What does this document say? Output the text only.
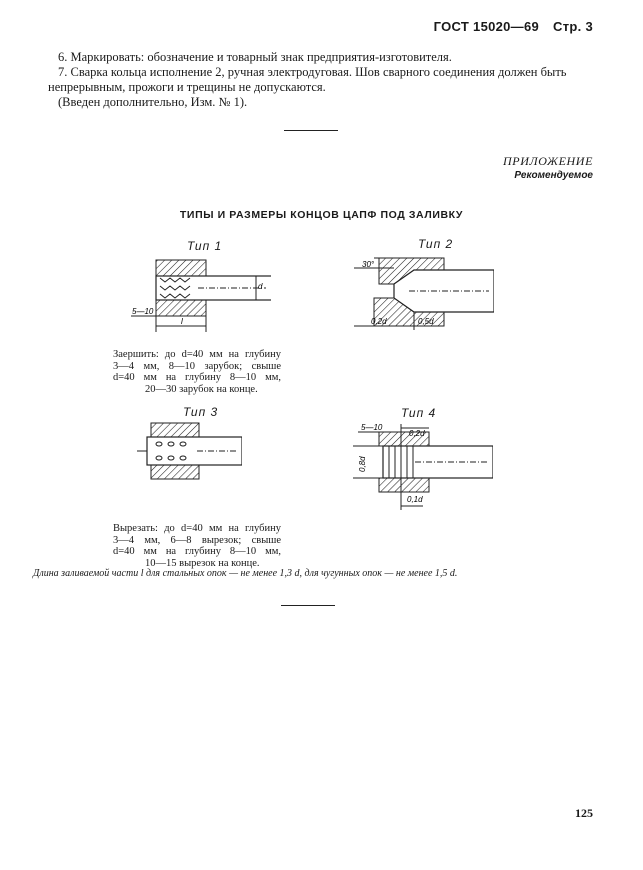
ГОСТ 15020—69 Стр. 3
6. Маркировать: обозначение и товарный знак предприятия-изготовителя.
7. Сварка кольца исполнение 2, ручная электродуговая. Шов сварного соединения должен быть
непрерывным, прожоги и трещины не допускаются.
(Введен дополнительно, Изм. № 1).
ПРИЛОЖЕНИЕ
Рекомендуемое
ТИПЫ И РАЗМЕРЫ КОНЦОВ ЦАПФ ПОД ЗАЛИВКУ
Тип 1
l
d
5—10
Тип 2
30°
0,2d	0,5d
Заершить: до d=40 мм на глубину
3—4 мм, 8—10 зарубок; свыше
d=40 мм на глубину 8—10 мм,
20—30 зарубок на конце.
Тип 3	Тип 4
5—10
0,2d
0,8d
0,1d
Вырезать: до d=40 мм на глубину
3—4 мм, 6—8 вырезок; свыше
d=40 мм на глубину 8—10 мм,
10—15 вырезок на конце.
Длина заливаемой части l для стальных опок — не менее 1,3 d, для чугунных опок — не менее 1,5 d.
125
